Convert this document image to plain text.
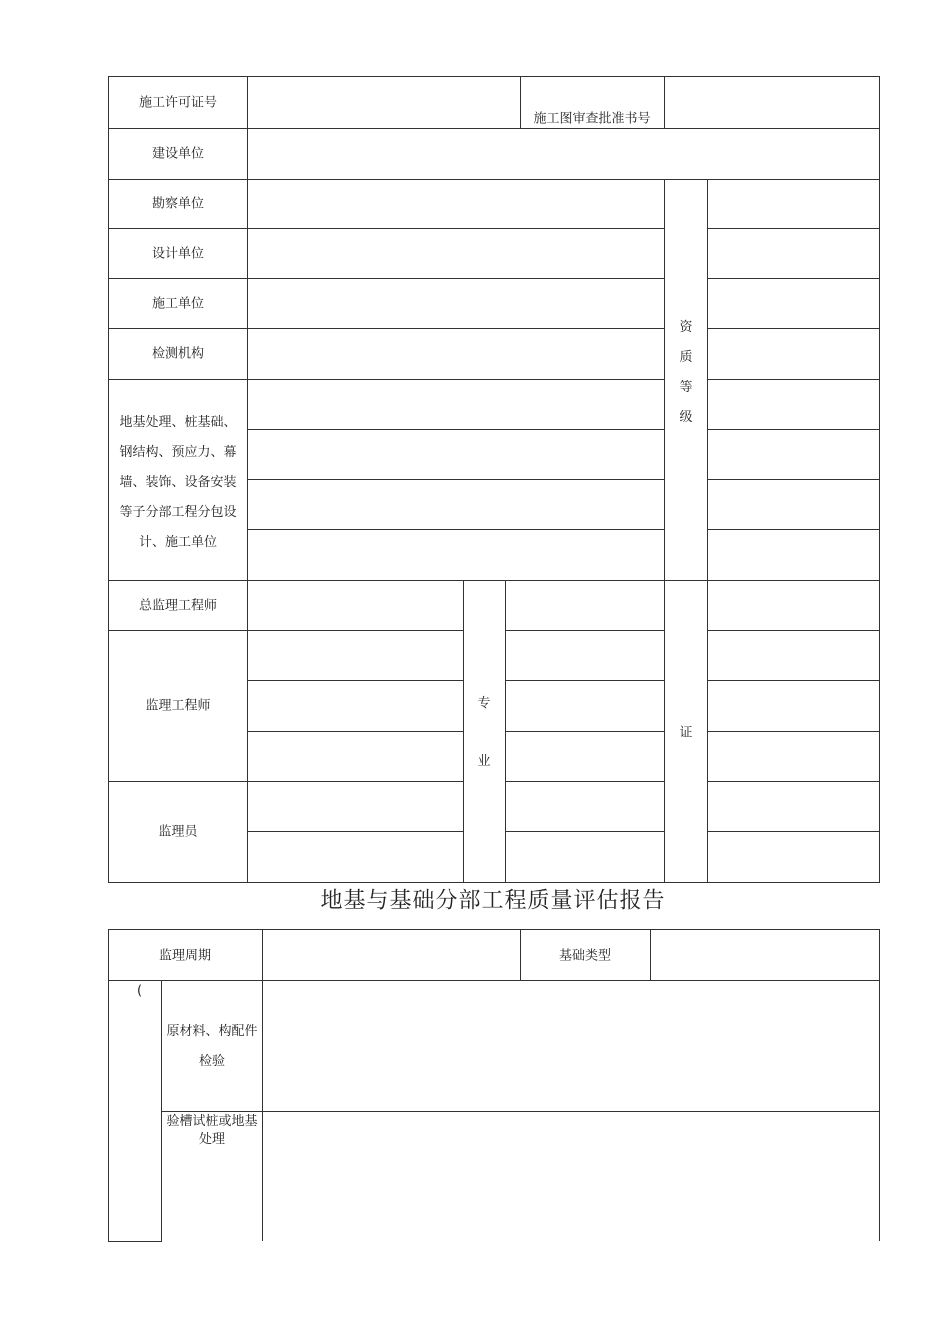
施工许可证号
施工图审查批准书号
建设单位
勘察单位
设计单位
施工单位
检测机构
地基处理、桩基础、钢结构、预应力、幕墙、装饰、设备安装等子分部工程分包设计、施工单位
资质等级
总监理工程师
监理工程师
监理员
专业
证
地基与基础分部工程质量评估报告
监理周期	基础类型
(
原材料、构配件检验
验槽试桩或地基处理
